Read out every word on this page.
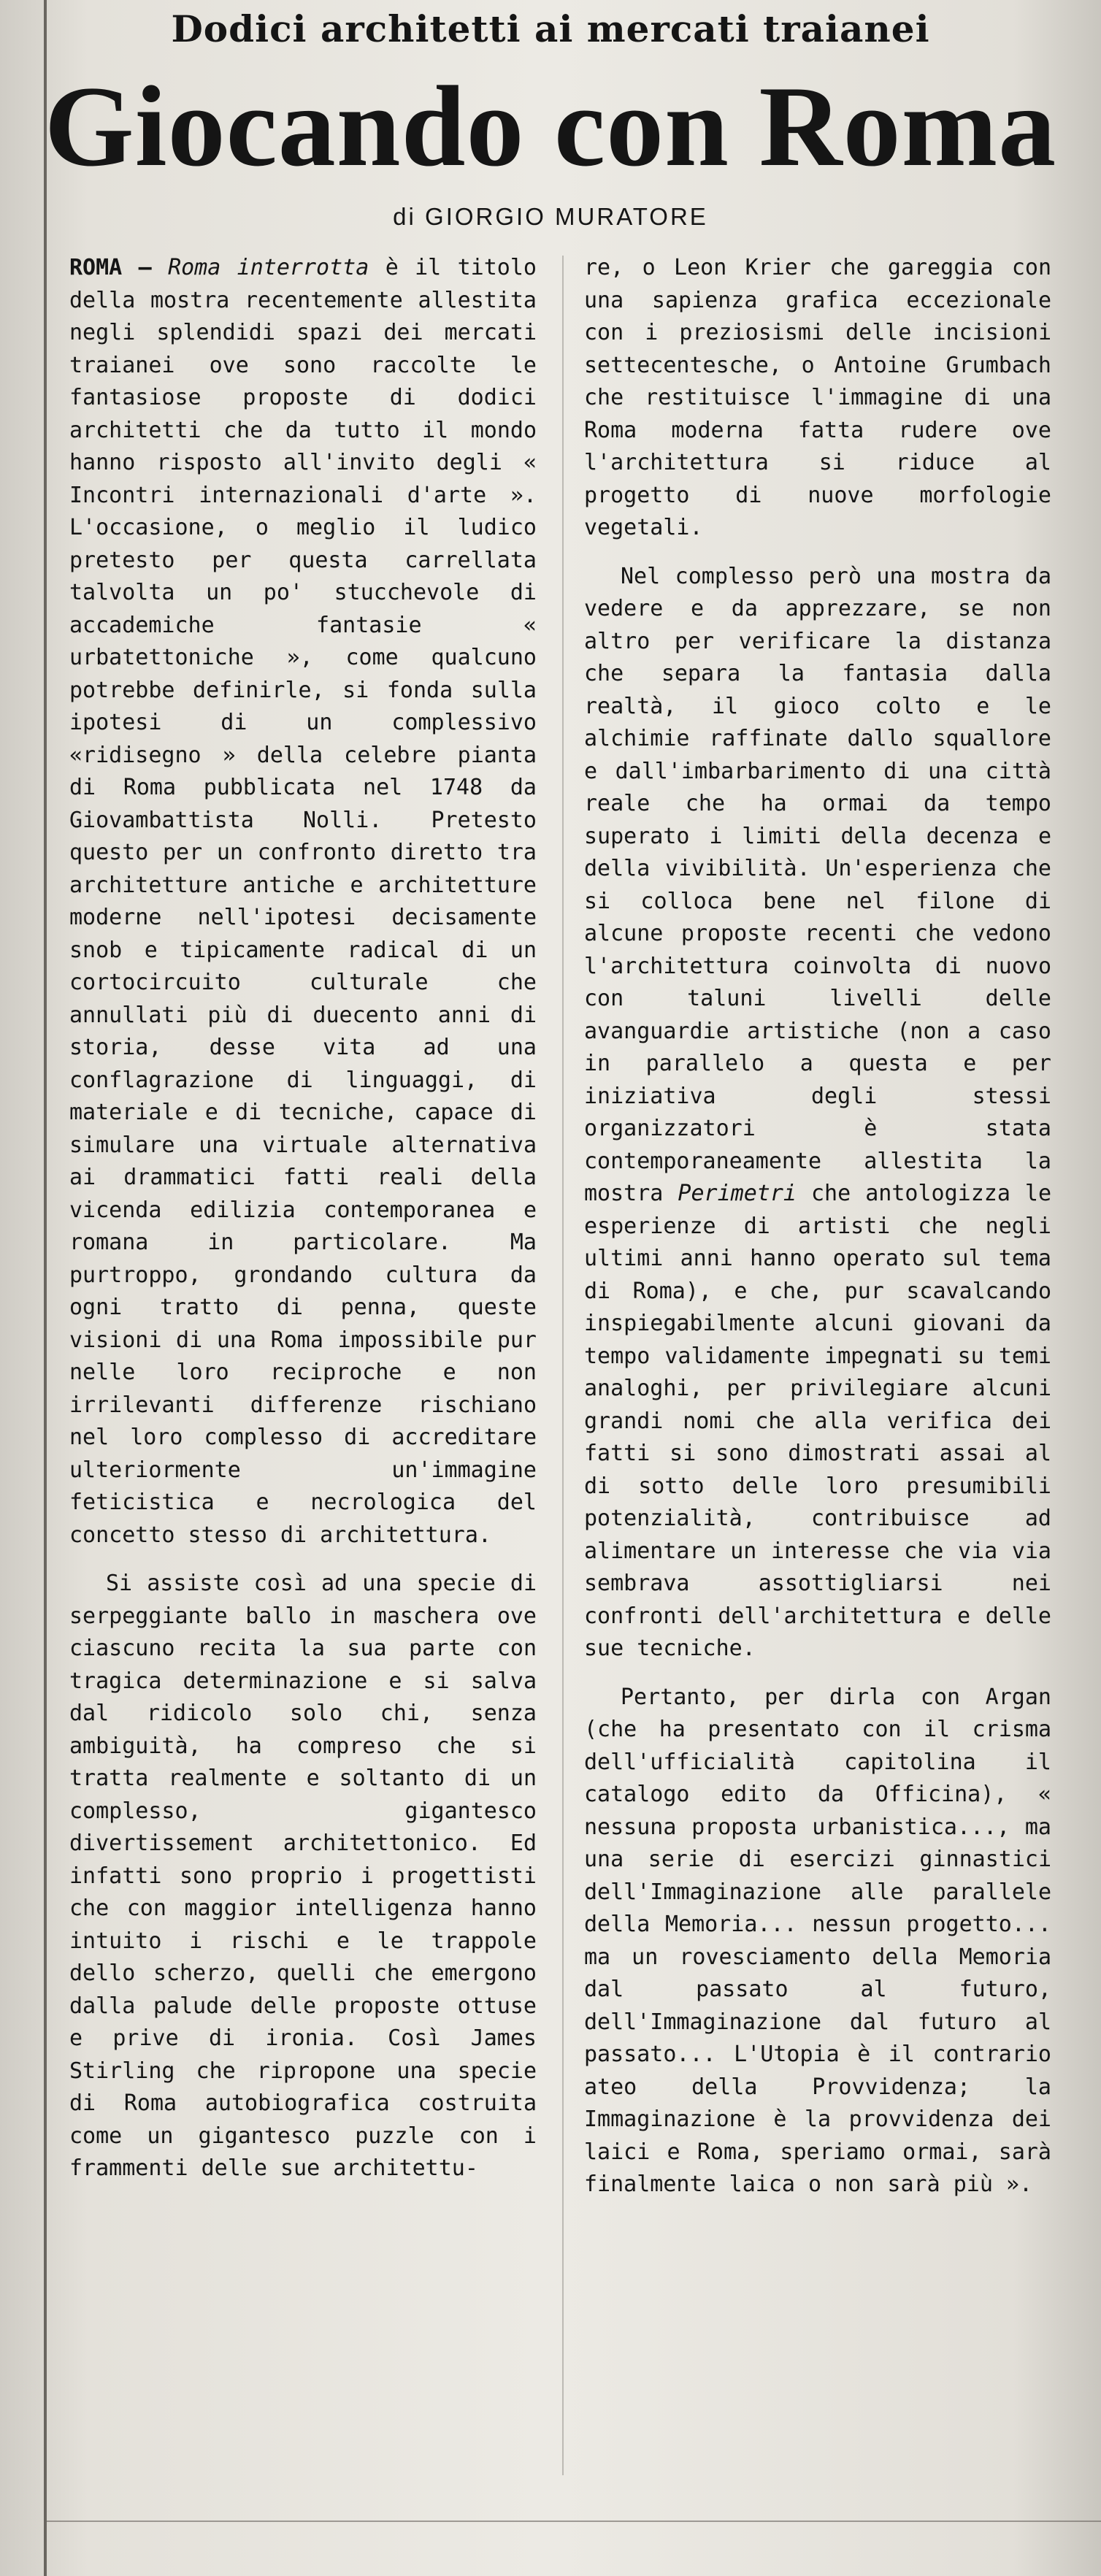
Dodici architetti ai mercati traianei
Giocando con Roma
di GIORGIO MURATORE

ROMA — Roma interrotta è il titolo della mostra recentemente allestita negli splendidi spazi dei mercati traianei ove sono raccolte le fantasiose proposte di dodici architetti che da tutto il mondo hanno risposto all'invito degli « Incontri internazionali d'arte ». L'occasione, o meglio il ludico pretesto per questa carrellata talvolta un po' stucchevole di accademiche fantasie « urbatettoniche », come qualcuno potrebbe definirle, si fonda sulla ipotesi di un complessivo «ridisegno » della celebre pianta di Roma pubblicata nel 1748 da Giovambattista Nolli. Pretesto questo per un confronto diretto tra architetture antiche e architetture moderne nell'ipotesi decisamente snob e tipicamente radical di un cortocircuito culturale che annullati più di duecento anni di storia, desse vita ad una conflagrazione di linguaggi, di materiale e di tecniche, capace di simulare una virtuale alternativa ai drammatici fatti reali della vicenda edilizia contemporanea e romana in particolare. Ma purtroppo, grondando cultura da ogni tratto di penna, queste visioni di una Roma impossibile pur nelle loro reciproche e non irrilevanti differenze rischiano nel loro complesso di accreditare ulteriormente un'immagine feticistica e necrologica del concetto stesso di architettura.

Si assiste così ad una specie di serpeggiante ballo in maschera ove ciascuno recita la sua parte con tragica determinazione e si salva dal ridicolo solo chi, senza ambiguità, ha compreso che si tratta realmente e soltanto di un complesso, gigantesco divertissement architettonico. Ed infatti sono proprio i progettisti che con maggior intelligenza hanno intuito i rischi e le trappole dello scherzo, quelli che emergono dalla palude delle proposte ottuse e prive di ironia. Così James Stirling che ripropone una specie di Roma autobiografica costruita come un gigantesco puzzle con i frammenti delle sue architettu-

re, o Leon Krier che gareggia con una sapienza grafica eccezionale con i preziosismi delle incisioni settecentesche, o Antoine Grumbach che restituisce l'immagine di una Roma moderna fatta rudere ove l'architettura si riduce al progetto di nuove morfologie vegetali.

Nel complesso però una mostra da vedere e da apprezzare, se non altro per verificare la distanza che separa la fantasia dalla realtà, il gioco colto e le alchimie raffinate dallo squallore e dall'imbarbarimento di una città reale che ha ormai da tempo superato i limiti della decenza e della vivibilità. Un'esperienza che si colloca bene nel filone di alcune proposte recenti che vedono l'architettura coinvolta di nuovo con taluni livelli delle avanguardie artistiche (non a caso in parallelo a questa e per iniziativa degli stessi organizzatori è stata contemporaneamente allestita la mostra Perimetri che antologizza le esperienze di artisti che negli ultimi anni hanno operato sul tema di Roma), e che, pur scavalcando inspiegabilmente alcuni giovani da tempo validamente impegnati su temi analoghi, per privilegiare alcuni grandi nomi che alla verifica dei fatti si sono dimostrati assai al di sotto delle loro presumibili potenzialità, contribuisce ad alimentare un interesse che via via sembrava assottigliarsi nei confronti dell'architettura e delle sue tecniche.

Pertanto, per dirla con Argan (che ha presentato con il crisma dell'ufficialità capitolina il catalogo edito da Officina), « nessuna proposta urbanistica..., ma una serie di esercizi ginnastici dell'Immaginazione alle parallele della Memoria... nessun progetto... ma un rovesciamento della Memoria dal passato al futuro, dell'Immaginazione dal futuro al passato... L'Utopia è il contrario ateo della Provvidenza; la Immaginazione è la provvidenza dei laici e Roma, speriamo ormai, sarà finalmente laica o non sarà più ».
